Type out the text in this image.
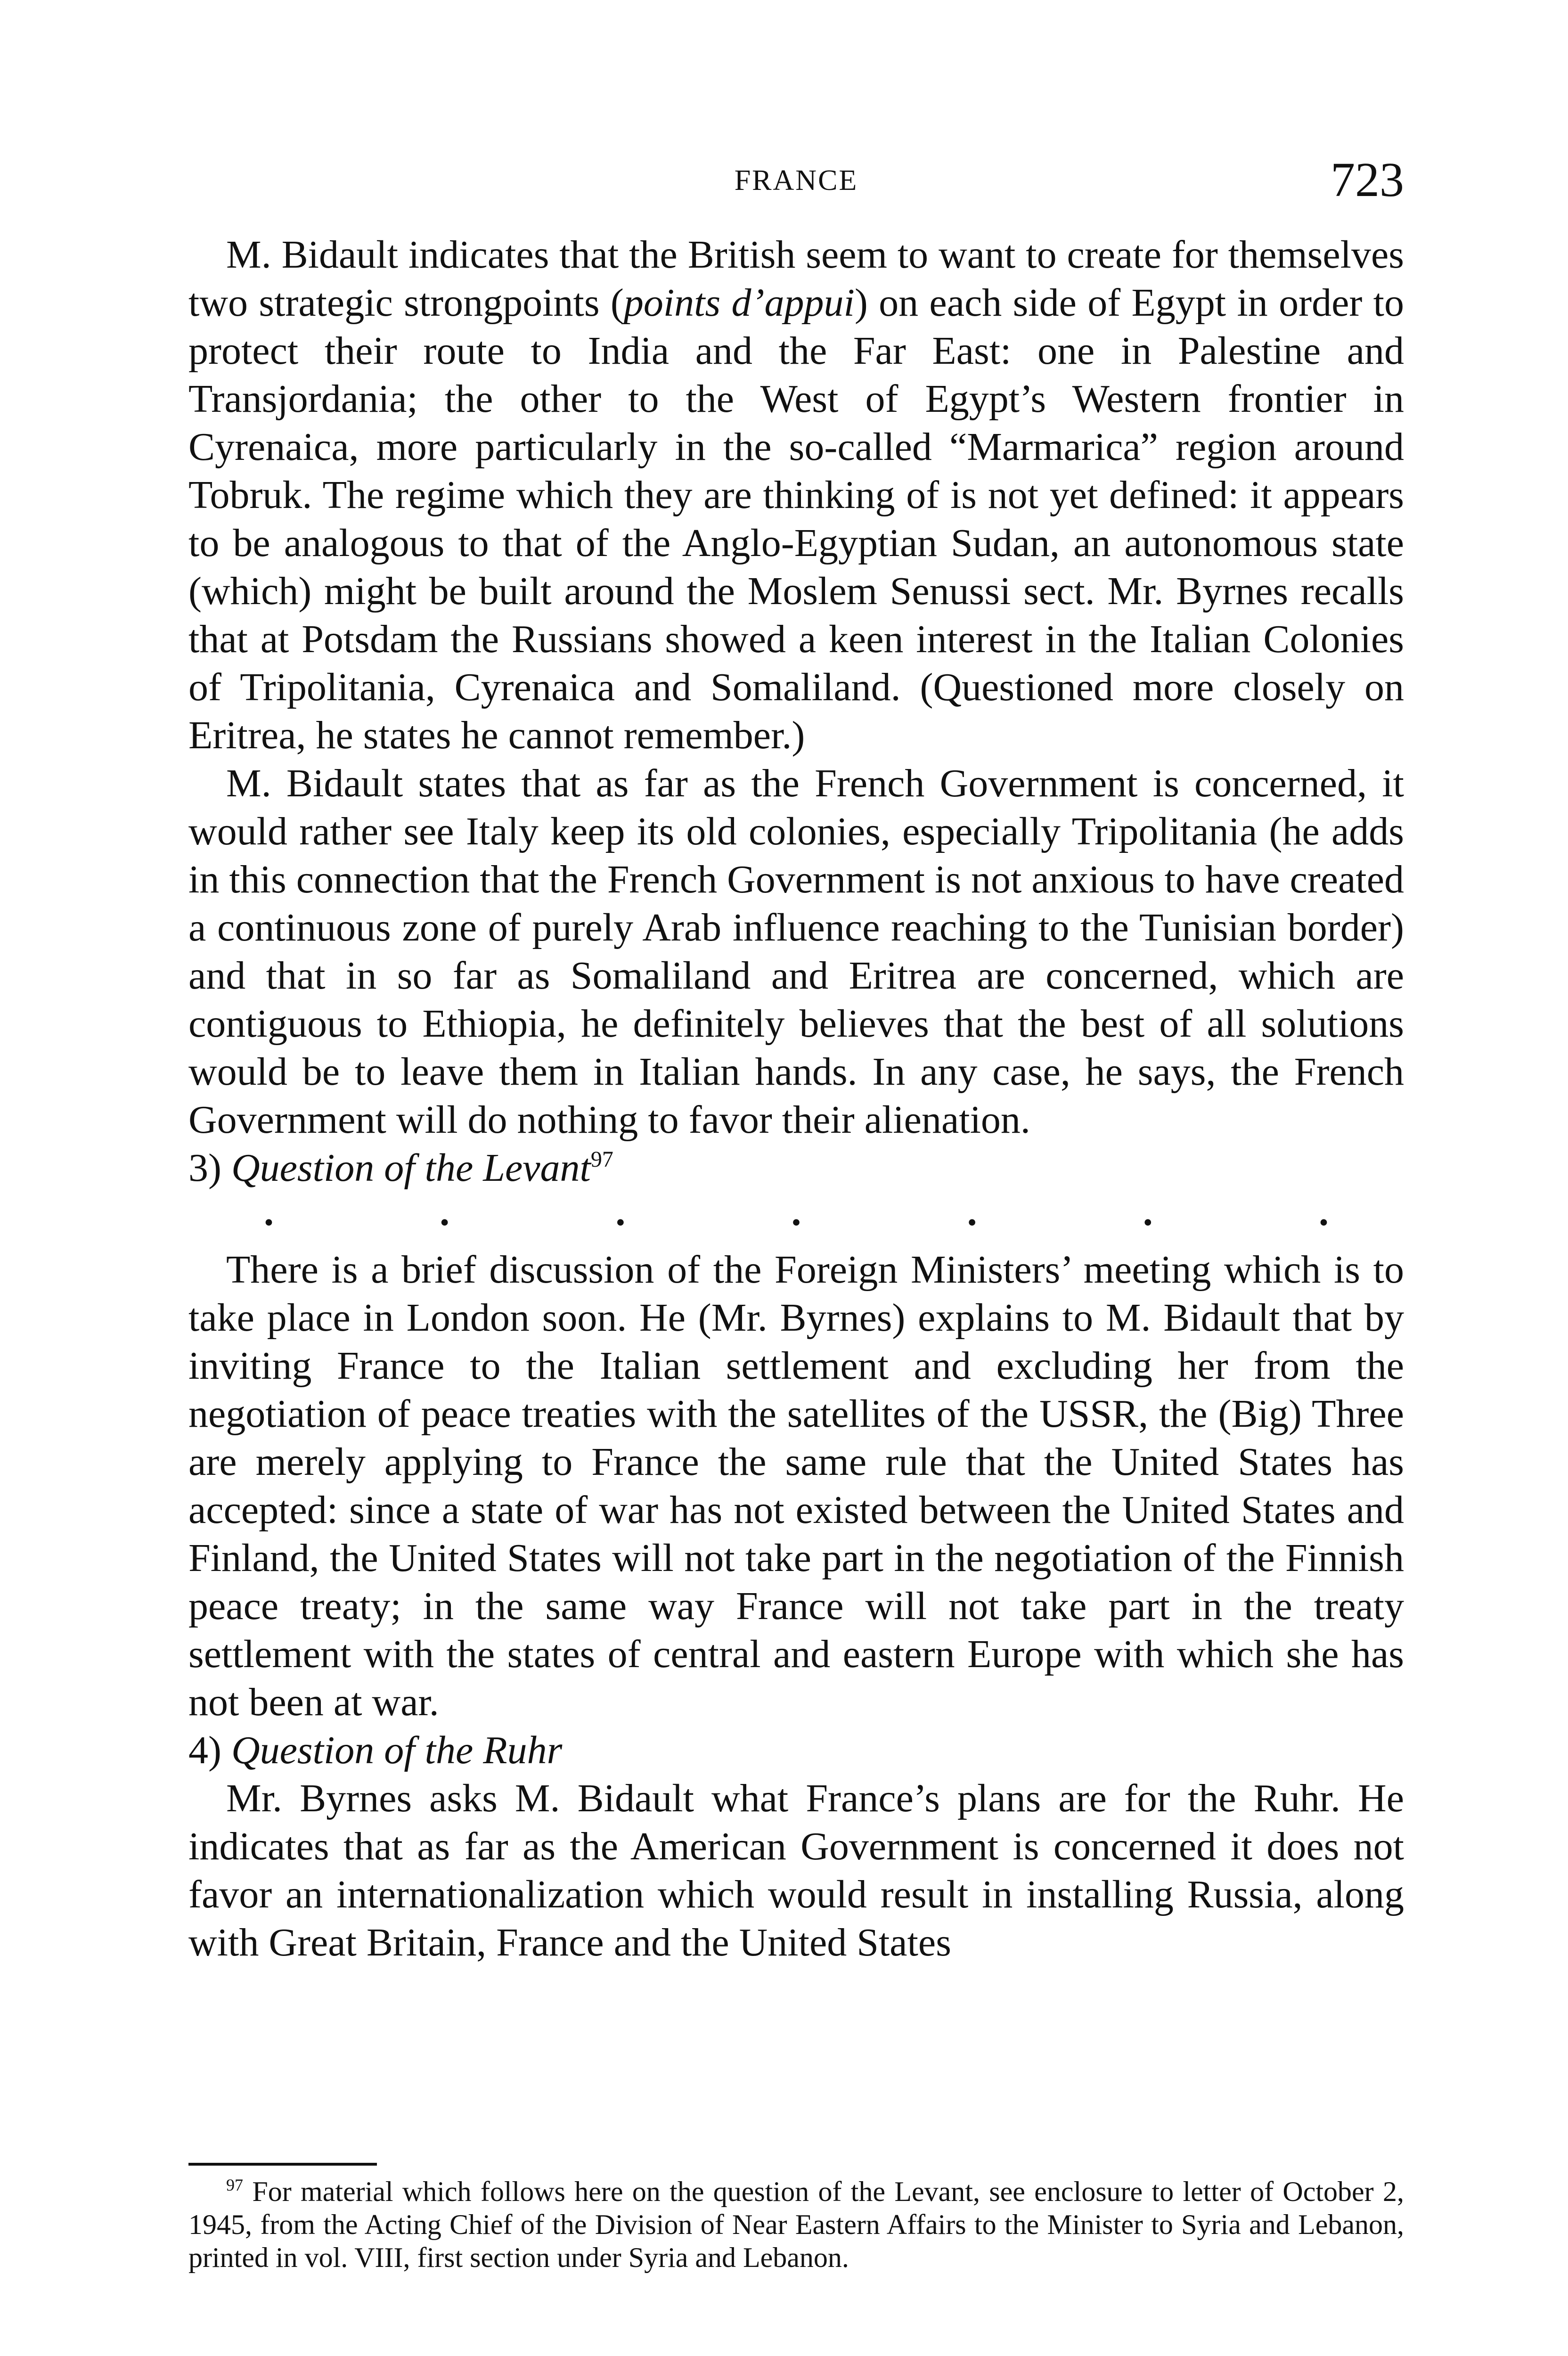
FRANCE	723

M. Bidault indicates that the British seem to want to create for themselves two strategic strongpoints (points d’appui) on each side of Egypt in order to protect their route to India and the Far East: one in Palestine and Transjordania; the other to the West of Egypt’s Western frontier in Cyrenaica, more particularly in the so-called “Marmarica” region around Tobruk. The regime which they are thinking of is not yet defined: it appears to be analogous to that of the Anglo-Egyptian Sudan, an autonomous state (which) might be built around the Moslem Senussi sect. Mr. Byrnes recalls that at Potsdam the Russians showed a keen interest in the Italian Colonies of Tripolitania, Cyrenaica and Somaliland. (Questioned more closely on Eritrea, he states he cannot remember.)

M. Bidault states that as far as the French Government is concerned, it would rather see Italy keep its old colonies, especially Tripolitania (he adds in this connection that the French Government is not anxious to have created a continuous zone of purely Arab influence reaching to the Tunisian border) and that in so far as Somaliland and Eritrea are concerned, which are contiguous to Ethiopia, he definitely believes that the best of all solutions would be to leave them in Italian hands. In any case, he says, the French Government will do nothing to favor their alienation.

3) Question of the Levant$^{97}$

.	.	.	.	.	.	.

There is a brief discussion of the Foreign Ministers’ meeting which is to take place in London soon. He (Mr. Byrnes) explains to M. Bidault that by inviting France to the Italian settlement and excluding her from the negotiation of peace treaties with the satellites of the USSR, the (Big) Three are merely applying to France the same rule that the United States has accepted: since a state of war has not existed between the United States and Finland, the United States will not take part in the negotiation of the Finnish peace treaty; in the same way France will not take part in the treaty settlement with the states of central and eastern Europe with which she has not been at war.

4) Question of the Ruhr

Mr. Byrnes asks M. Bidault what France’s plans are for the Ruhr. He indicates that as far as the American Government is concerned it does not favor an internationalization which would result in installing Russia, along with Great Britain, France and the United States

$^{97}$ For material which follows here on the question of the Levant, see enclosure to letter of October 2, 1945, from the Acting Chief of the Division of Near Eastern Affairs to the Minister to Syria and Lebanon, printed in vol. VIII, first section under Syria and Lebanon.
